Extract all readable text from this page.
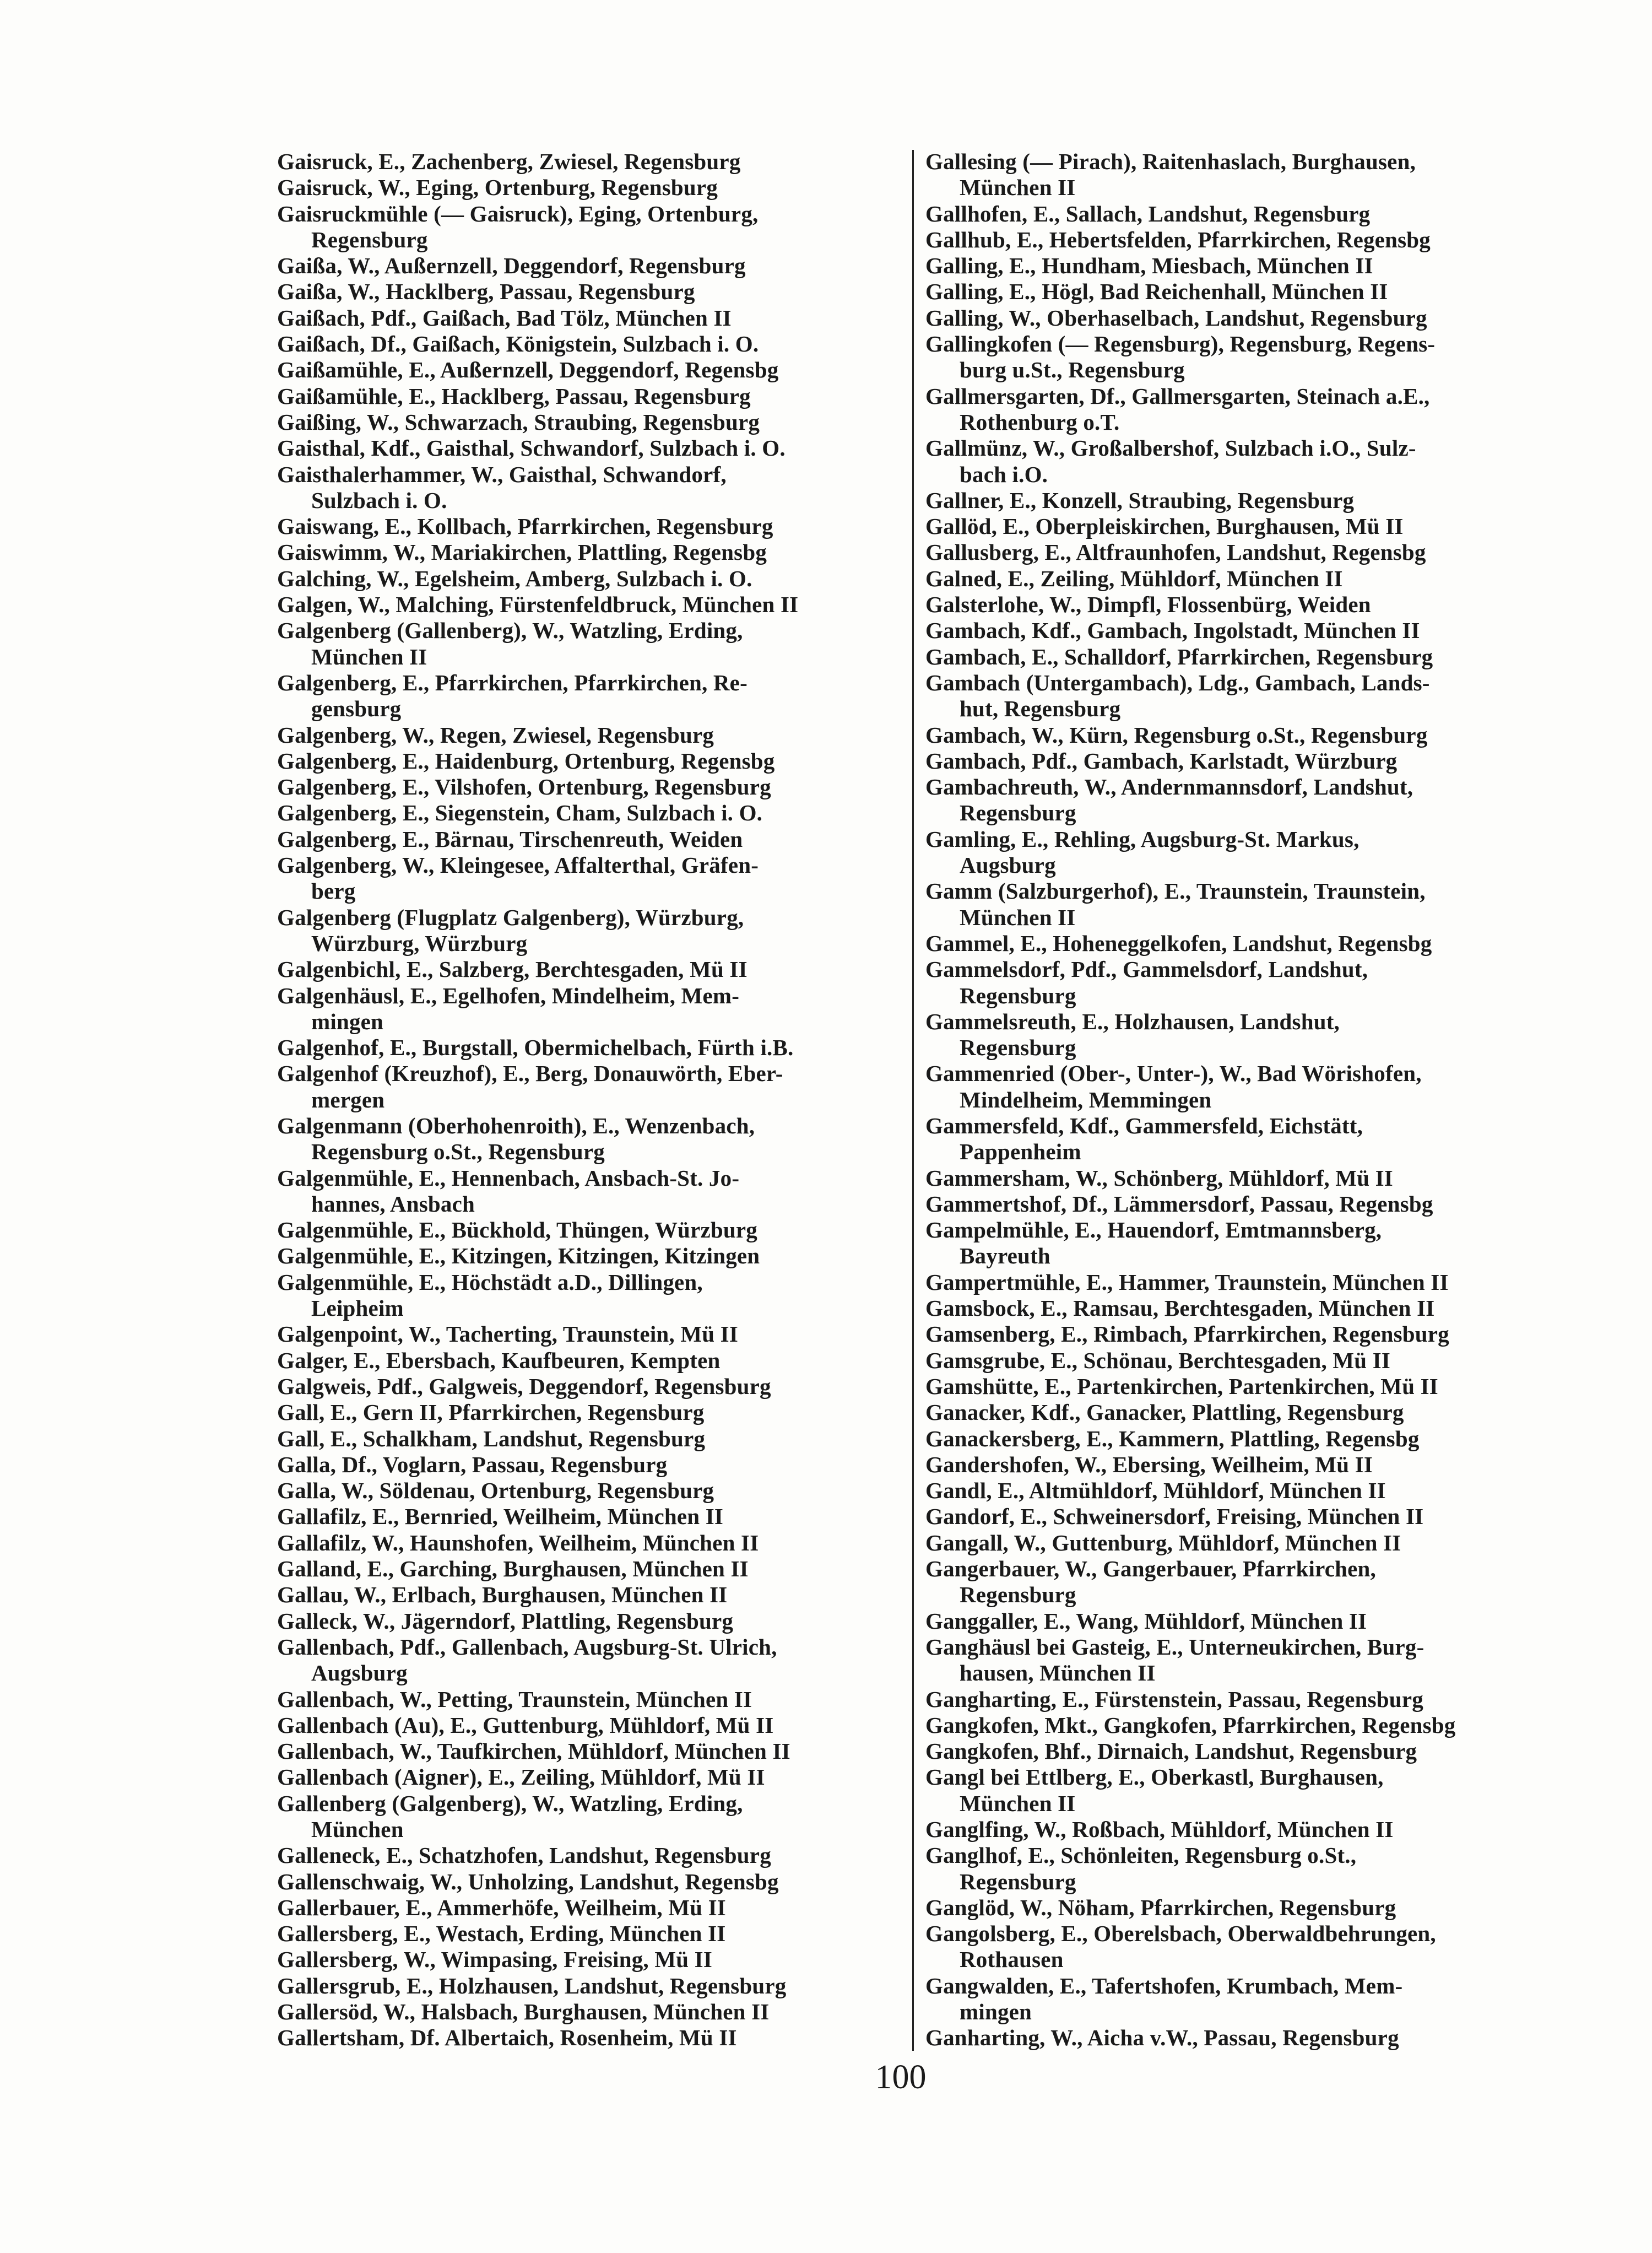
Gaisruck, E., Zachenberg, Zwiesel, Regensburg
Gaisruck, W., Eging, Ortenburg, Regensburg
Gaisruckmühle (— Gaisruck), Eging, Ortenburg,
Regensburg
Gaißa, W., Außernzell, Deggendorf, Regensburg
Gaißa, W., Hacklberg, Passau, Regensburg
Gaißach, Pdf., Gaißach, Bad Tölz, München II
Gaißach, Df., Gaißach, Königstein, Sulzbach i. O.
Gaißamühle, E., Außernzell, Deggendorf, Regensbg
Gaißamühle, E., Hacklberg, Passau, Regensburg
Gaißing, W., Schwarzach, Straubing, Regensburg
Gaisthal, Kdf., Gaisthal, Schwandorf, Sulzbach i. O.
Gaisthalerhammer, W., Gaisthal, Schwandorf,
Sulzbach i. O.
Gaiswang, E., Kollbach, Pfarrkirchen, Regensburg
Gaiswimm, W., Mariakirchen, Plattling, Regensbg
Galching, W., Egelsheim, Amberg, Sulzbach i. O.
Galgen, W., Malching, Fürstenfeldbruck, München II
Galgenberg (Gallenberg), W., Watzling, Erding,
München II
Galgenberg, E., Pfarrkirchen, Pfarrkirchen, Re-
gensburg
Galgenberg, W., Regen, Zwiesel, Regensburg
Galgenberg, E., Haidenburg, Ortenburg, Regensbg
Galgenberg, E., Vilshofen, Ortenburg, Regensburg
Galgenberg, E., Siegenstein, Cham, Sulzbach i. O.
Galgenberg, E., Bärnau, Tirschenreuth, Weiden
Galgenberg, W., Kleingesee, Affalterthal, Gräfen-
berg
Galgenberg (Flugplatz Galgenberg), Würzburg,
Würzburg, Würzburg
Galgenbichl, E., Salzberg, Berchtesgaden, Mü II
Galgenhäusl, E., Egelhofen, Mindelheim, Mem-
mingen
Galgenhof, E., Burgstall, Obermichelbach, Fürth i.B.
Galgenhof (Kreuzhof), E., Berg, Donauwörth, Eber-
mergen
Galgenmann (Oberhohenroith), E., Wenzenbach,
Regensburg o.St., Regensburg
Galgenmühle, E., Hennenbach, Ansbach-St. Jo-
hannes, Ansbach
Galgenmühle, E., Bückhold, Thüngen, Würzburg
Galgenmühle, E., Kitzingen, Kitzingen, Kitzingen
Galgenmühle, E., Höchstädt a.D., Dillingen,
Leipheim
Galgenpoint, W., Tacherting, Traunstein, Mü II
Galger, E., Ebersbach, Kaufbeuren, Kempten
Galgweis, Pdf., Galgweis, Deggendorf, Regensburg
Gall, E., Gern II, Pfarrkirchen, Regensburg
Gall, E., Schalkham, Landshut, Regensburg
Galla, Df., Voglarn, Passau, Regensburg
Galla, W., Söldenau, Ortenburg, Regensburg
Gallafilz, E., Bernried, Weilheim, München II
Gallafilz, W., Haunshofen, Weilheim, München II
Galland, E., Garching, Burghausen, München II
Gallau, W., Erlbach, Burghausen, München II
Galleck, W., Jägerndorf, Plattling, Regensburg
Gallenbach, Pdf., Gallenbach, Augsburg-St. Ulrich,
Augsburg
Gallenbach, W., Petting, Traunstein, München II
Gallenbach (Au), E., Guttenburg, Mühldorf, Mü II
Gallenbach, W., Taufkirchen, Mühldorf, München II
Gallenbach (Aigner), E., Zeiling, Mühldorf, Mü II
Gallenberg (Galgenberg), W., Watzling, Erding,
München
Galleneck, E., Schatzhofen, Landshut, Regensburg
Gallenschwaig, W., Unholzing, Landshut, Regensbg
Gallerbauer, E., Ammerhöfe, Weilheim, Mü II
Gallersberg, E., Westach, Erding, München II
Gallersberg, W., Wimpasing, Freising, Mü II
Gallersgrub, E., Holzhausen, Landshut, Regensburg
Gallersöd, W., Halsbach, Burghausen, München II
Gallertsham, Df. Albertaich, Rosenheim, Mü II
Gallesing (— Pirach), Raitenhaslach, Burghausen,
München II
Gallhofen, E., Sallach, Landshut, Regensburg
Gallhub, E., Hebertsfelden, Pfarrkirchen, Regensbg
Galling, E., Hundham, Miesbach, München II
Galling, E., Högl, Bad Reichenhall, München II
Galling, W., Oberhaselbach, Landshut, Regensburg
Gallingkofen (— Regensburg), Regensburg, Regens-
burg u.St., Regensburg
Gallmersgarten, Df., Gallmersgarten, Steinach a.E.,
Rothenburg o.T.
Gallmünz, W., Großalbershof, Sulzbach i.O., Sulz-
bach i.O.
Gallner, E., Konzell, Straubing, Regensburg
Gallöd, E., Oberpleiskirchen, Burghausen, Mü II
Gallusberg, E., Altfraunhofen, Landshut, Regensbg
Galned, E., Zeiling, Mühldorf, München II
Galsterlohe, W., Dimpfl, Flossenbürg, Weiden
Gambach, Kdf., Gambach, Ingolstadt, München II
Gambach, E., Schalldorf, Pfarrkirchen, Regensburg
Gambach (Untergambach), Ldg., Gambach, Lands-
hut, Regensburg
Gambach, W., Kürn, Regensburg o.St., Regensburg
Gambach, Pdf., Gambach, Karlstadt, Würzburg
Gambachreuth, W., Andernmannsdorf, Landshut,
Regensburg
Gamling, E., Rehling, Augsburg-St. Markus,
Augsburg
Gamm (Salzburgerhof), E., Traunstein, Traunstein,
München II
Gammel, E., Hoheneggelkofen, Landshut, Regensbg
Gammelsdorf, Pdf., Gammelsdorf, Landshut,
Regensburg
Gammelsreuth, E., Holzhausen, Landshut,
Regensburg
Gammenried (Ober-, Unter-), W., Bad Wörishofen,
Mindelheim, Memmingen
Gammersfeld, Kdf., Gammersfeld, Eichstätt,
Pappenheim
Gammersham, W., Schönberg, Mühldorf, Mü II
Gammertshof, Df., Lämmersdorf, Passau, Regensbg
Gampelmühle, E., Hauendorf, Emtmannsberg,
Bayreuth
Gampertmühle, E., Hammer, Traunstein, München II
Gamsbock, E., Ramsau, Berchtesgaden, München II
Gamsenberg, E., Rimbach, Pfarrkirchen, Regensburg
Gamsgrube, E., Schönau, Berchtesgaden, Mü II
Gamshütte, E., Partenkirchen, Partenkirchen, Mü II
Ganacker, Kdf., Ganacker, Plattling, Regensburg
Ganackersberg, E., Kammern, Plattling, Regensbg
Gandershofen, W., Ebersing, Weilheim, Mü II
Gandl, E., Altmühldorf, Mühldorf, München II
Gandorf, E., Schweinersdorf, Freising, München II
Gangall, W., Guttenburg, Mühldorf, München II
Gangerbauer, W., Gangerbauer, Pfarrkirchen,
Regensburg
Ganggaller, E., Wang, Mühldorf, München II
Ganghäusl bei Gasteig, E., Unterneukirchen, Burg-
hausen, München II
Gangharting, E., Fürstenstein, Passau, Regensburg
Gangkofen, Mkt., Gangkofen, Pfarrkirchen, Regensbg
Gangkofen, Bhf., Dirnaich, Landshut, Regensburg
Gangl bei Ettlberg, E., Oberkastl, Burghausen,
München II
Ganglfing, W., Roßbach, Mühldorf, München II
Ganglhof, E., Schönleiten, Regensburg o.St.,
Regensburg
Ganglöd, W., Nöham, Pfarrkirchen, Regensburg
Gangolsberg, E., Oberelsbach, Oberwaldbehrungen,
Rothausen
Gangwalden, E., Tafertshofen, Krumbach, Mem-
mingen
Ganharting, W., Aicha v.W., Passau, Regensburg
100
